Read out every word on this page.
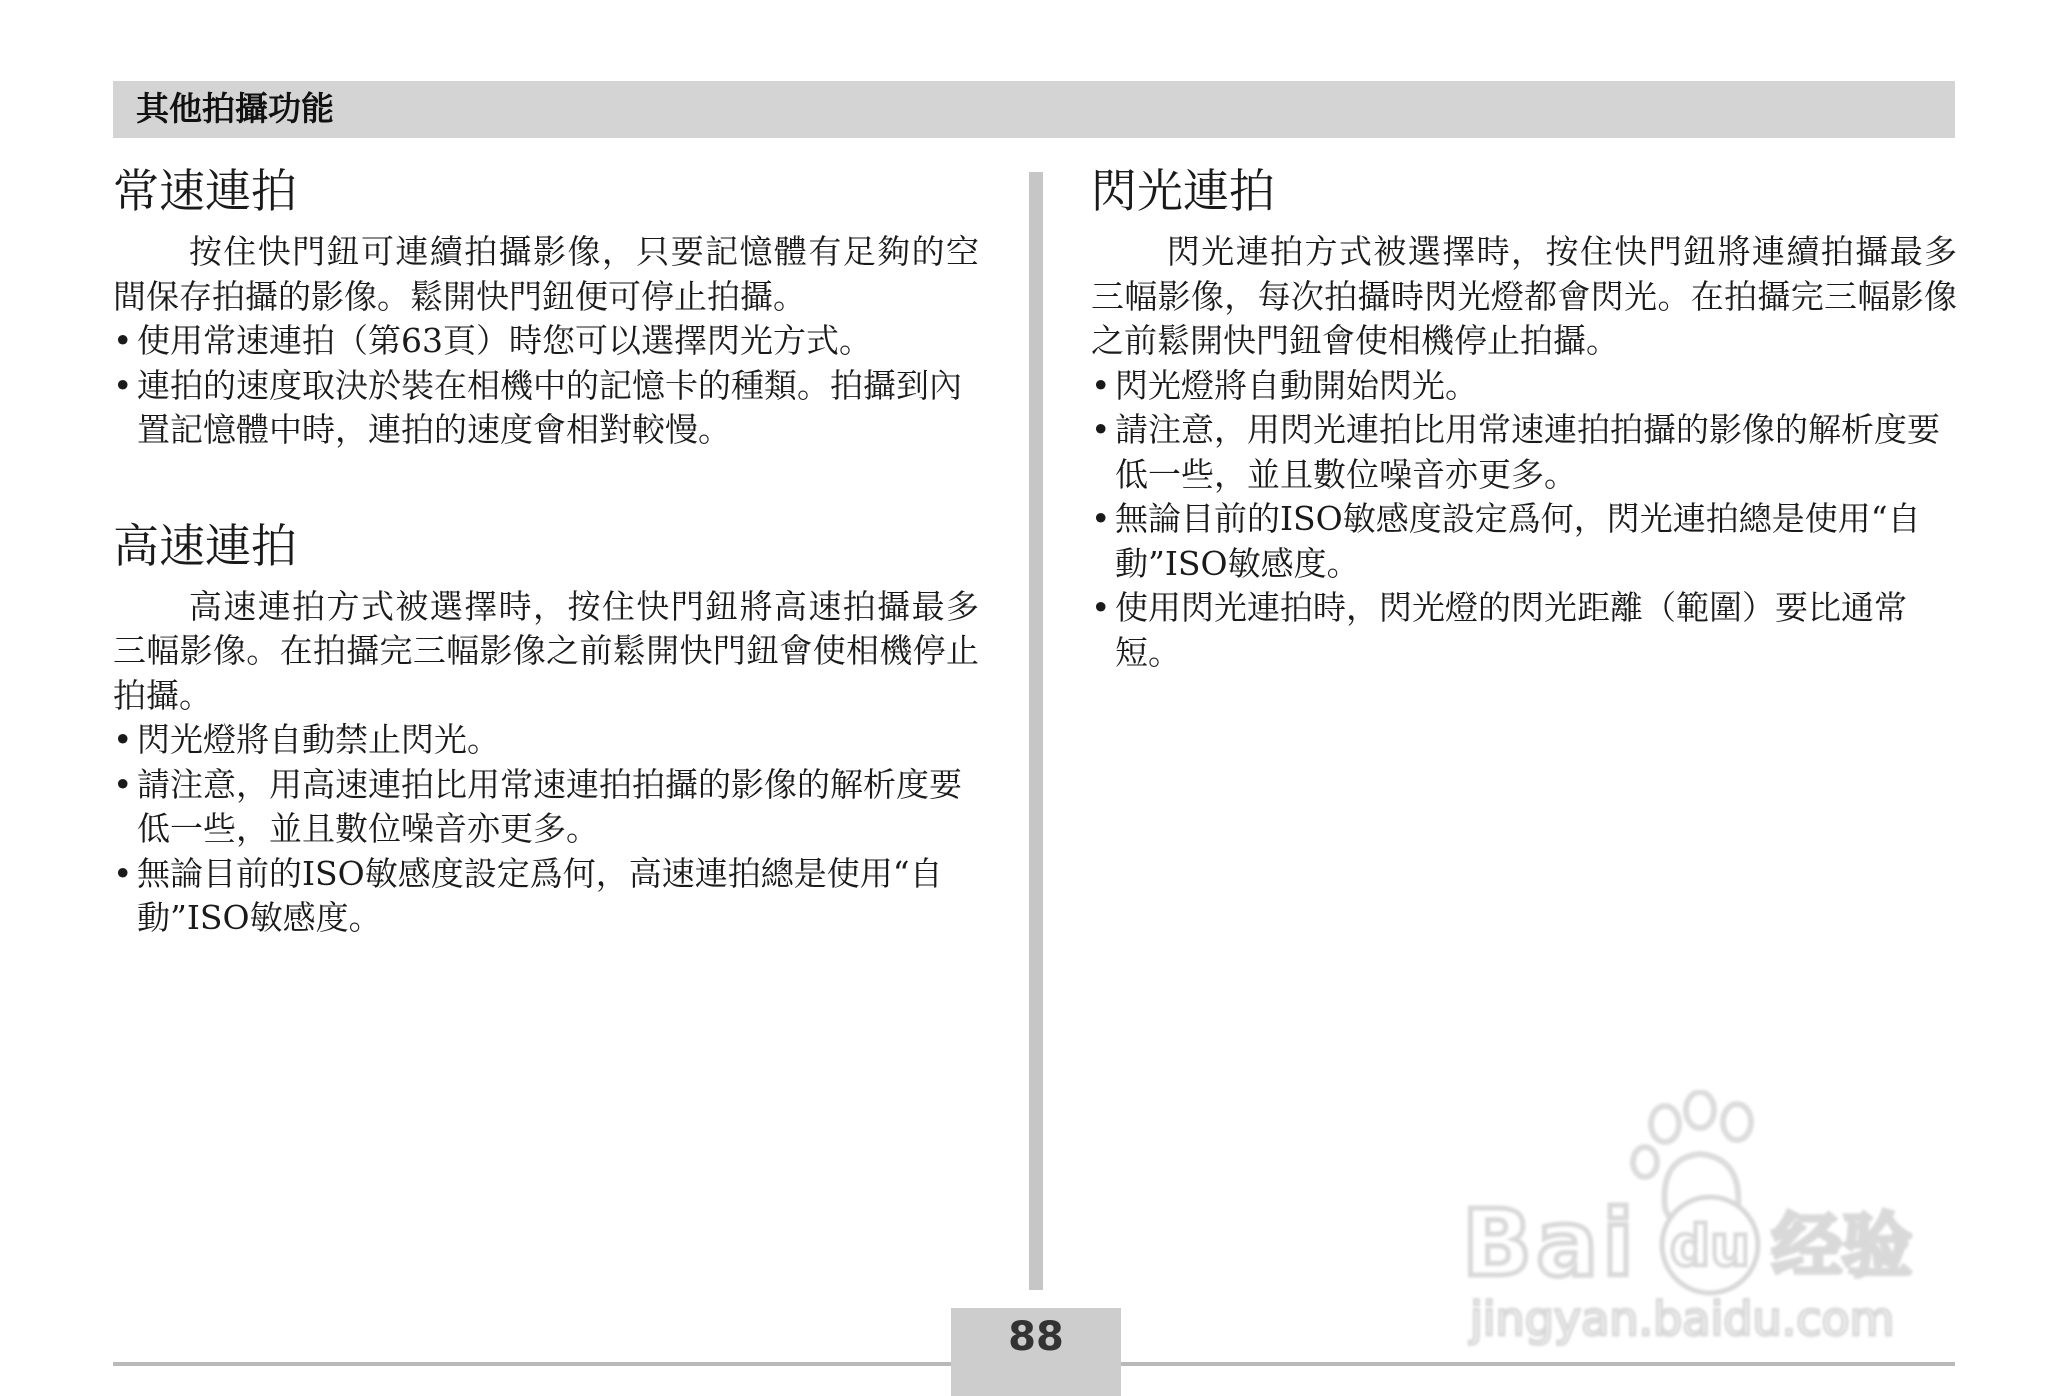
其他拍攝功能
常速連拍

按住快門鈕可連續拍攝影像，只要記憶體有足夠的空間保存拍攝的影像。鬆開快門鈕便可停止拍攝。

• 使用常速連拍（第63頁）時您可以選擇閃光方式。
• 連拍的速度取決於裝在相機中的記憶卡的種類。拍攝到內置記憶體中時，連拍的速度會相對較慢。
高速連拍

高速連拍方式被選擇時，按住快門鈕將高速拍攝最多三幅影像。在拍攝完三幅影像之前鬆開快門鈕會使相機停止拍攝。

• 閃光燈將自動禁止閃光。
• 請注意，用高速連拍比用常速連拍拍攝的影像的解析度要低一些，並且數位噪音亦更多。
• 無論目前的ISO敏感度設定爲何，高速連拍總是使用“自動”ISO敏感度。
閃光連拍

閃光連拍方式被選擇時，按住快門鈕將連續拍攝最多三幅影像，每次拍攝時閃光燈都會閃光。在拍攝完三幅影像之前鬆開快門鈕會使相機停止拍攝。

• 閃光燈將自動開始閃光。
• 請注意，用閃光連拍比用常速連拍拍攝的影像的解析度要低一些，並且數位噪音亦更多。
• 無論目前的ISO敏感度設定爲何，閃光連拍總是使用“自動”ISO敏感度。
• 使用閃光連拍時，閃光燈的閃光距離（範圍）要比通常短。
Bai du 经验
jingyan.baidu.com
88
